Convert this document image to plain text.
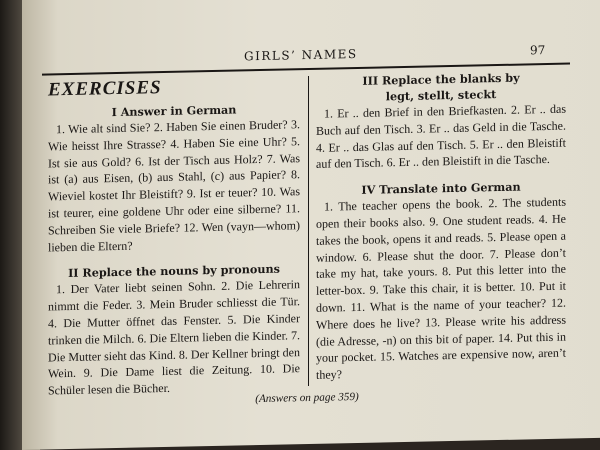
GIRLS’ NAMES	97
EXERCISES
I Answer in German

1. Wie alt sind Sie? 2. Haben Sie einen Bruder? 3. Wie heisst Ihre Strasse? 4. Haben Sie eine Uhr? 5. Ist sie aus Gold? 6. Ist der Tisch aus Holz? 7. Was ist (a) aus Eisen, (b) aus Stahl, (c) aus Papier? 8. Wieviel kostet Ihr Bleistift? 9. Ist er teuer? 10. Was ist teurer, eine goldene Uhr oder eine silberne? 11. Schreiben Sie viele Briefe? 12. Wen (vayn—whom) lieben die Eltern?

II Replace the nouns by pronouns

1. Der Vater liebt seinen Sohn. 2. Die Lehrerin nimmt die Feder. 3. Mein Bruder schliesst die Tür. 4. Die Mutter öffnet das Fenster. 5. Die Kinder trinken die Milch. 6. Die Eltern lieben die Kinder. 7. Die Mutter sieht das Kind. 8. Der Kellner bringt den Wein. 9. Die Dame liest die Zeitung. 10. Die Schüler lesen die Bücher.

III Replace the blanks by
legt, stellt, steckt

1. Er .. den Brief in den Briefkasten. 2. Er .. das Buch auf den Tisch. 3. Er .. das Geld in die Tasche. 4. Er .. das Glas auf den Tisch. 5. Er .. den Bleistift auf den Tisch. 6. Er .. den Bleistift in die Tasche.

IV Translate into German

1. The teacher opens the book. 2. The students open their books also. 9. One student reads. 4. He takes the book, opens it and reads. 5. Please open a window. 6. Please shut the door. 7. Please don’t take my hat, take yours. 8. Put this letter into the letter-box. 9. Take this chair, it is better. 10. Put it down. 11. What is the name of your teacher? 12. Where does he live? 13. Please write his address (die Adresse, -n) on this bit of paper. 14. Put this in your pocket. 15. Watches are expensive now, aren’t they?

(Answers on page 359)
